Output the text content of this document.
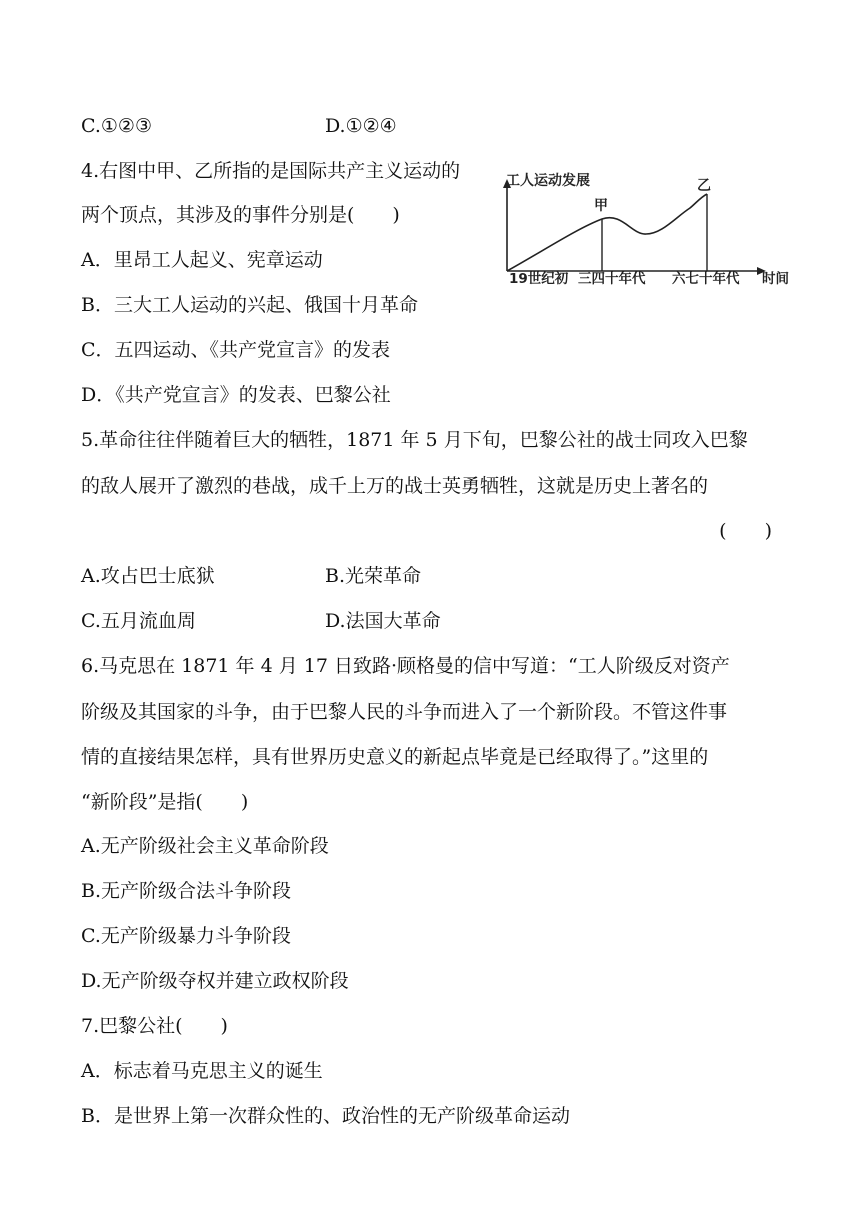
C.①②③	D.①②④
4.右图中甲、乙所指的是国际共产主义运动的
两个顶点，其涉及的事件分别是(　　)
A．里昂工人起义、宪章运动
B．三大工人运动的兴起、俄国十月革命
C．五四运动、《共产党宣言》的发表
D．《共产党宣言》的发表、巴黎公社
工人运动发展
甲
乙
19世纪初 三四十年代 六七十年代 时间
5.革命往往伴随着巨大的牺牲，1871 年 5 月下旬，巴黎公社的战士同攻入巴黎
的敌人展开了激烈的巷战，成千上万的战士英勇牺牲，这就是历史上著名的
(　　)
A.攻占巴士底狱	B.光荣革命
C.五月流血周	D.法国大革命
6.马克思在 1871 年 4 月 17 日致路·顾格曼的信中写道：“工人阶级反对资产
阶级及其国家的斗争，由于巴黎人民的斗争而进入了一个新阶段。不管这件事
情的直接结果怎样，具有世界历史意义的新起点毕竟是已经取得了。”这里的
“新阶段”是指(　　)
A.无产阶级社会主义革命阶段
B.无产阶级合法斗争阶段
C.无产阶级暴力斗争阶段
D.无产阶级夺权并建立政权阶段
7.巴黎公社(　　)
A．标志着马克思主义的诞生
B．是世界上第一次群众性的、政治性的无产阶级革命运动
